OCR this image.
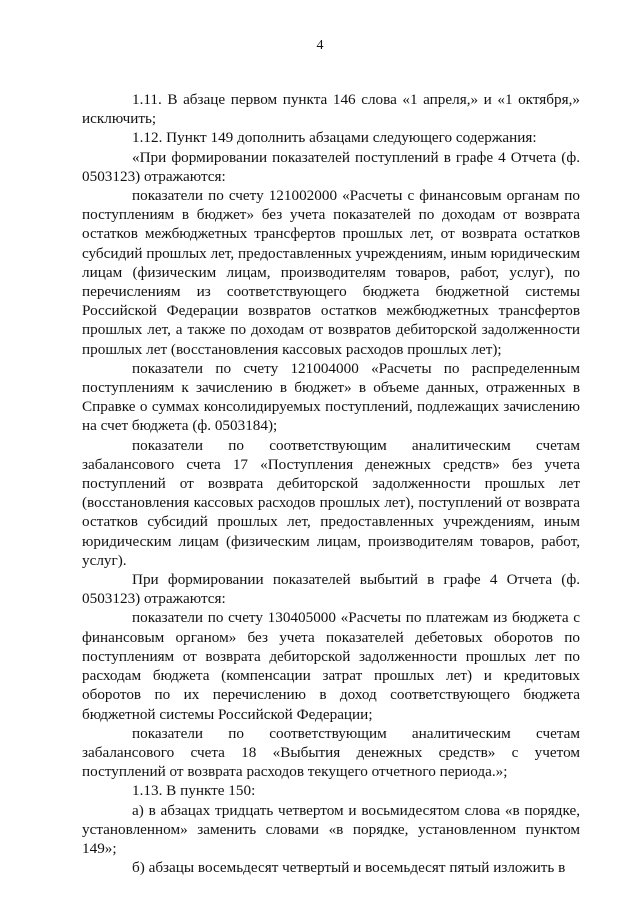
4

1.11. В абзаце первом пункта 146 слова «1 апреля,» и «1 октября,» исключить;

1.12. Пункт 149 дополнить абзацами следующего содержания:

«При формировании показателей поступлений в графе 4 Отчета (ф. 0503123) отражаются:

показатели по счету 121002000 «Расчеты с финансовым органам по поступлениям в бюджет» без учета показателей по доходам от возврата остатков межбюджетных трансфертов прошлых лет, от возврата остатков субсидий прошлых лет, предоставленных учреждениям, иным юридическим лицам (физическим лицам, производителям товаров, работ, услуг), по перечислениям из соответствующего бюджета бюджетной системы Российской Федерации возвратов остатков межбюджетных трансфертов прошлых лет, а также по доходам от возвратов дебиторской задолженности прошлых лет (восстановления кассовых расходов прошлых лет);

показатели по счету 121004000 «Расчеты по распределенным поступлениям к зачислению в бюджет» в объеме данных, отраженных в Справке о суммах консолидируемых поступлений, подлежащих зачислению на счет бюджета (ф. 0503184);

показатели по соответствующим аналитическим счетам забалансового счета 17 «Поступления денежных средств» без учета поступлений от возврата дебиторской задолженности прошлых лет (восстановления кассовых расходов прошлых лет), поступлений от возврата остатков субсидий прошлых лет, предоставленных учреждениям, иным юридическим лицам (физическим лицам, производителям товаров, работ, услуг).

При формировании показателей выбытий в графе 4 Отчета (ф. 0503123) отражаются:

показатели по счету 130405000 «Расчеты по платежам из бюджета с финансовым органом» без учета показателей дебетовых оборотов по поступлениям от возврата дебиторской задолженности прошлых лет по расходам бюджета (компенсации затрат прошлых лет) и кредитовых оборотов по их перечислению в доход соответствующего бюджета бюджетной системы Российской Федерации;

показатели по соответствующим аналитическим счетам забалансового счета 18 «Выбытия денежных средств» с учетом поступлений от возврата расходов текущего отчетного периода.»;

1.13. В пункте 150:

а) в абзацах тридцать четвертом и восьмидесятом слова «в порядке, установленном» заменить словами «в порядке, установленном пунктом 149»;

б) абзацы восемьдесят четвертый и восемьдесят пятый изложить в
